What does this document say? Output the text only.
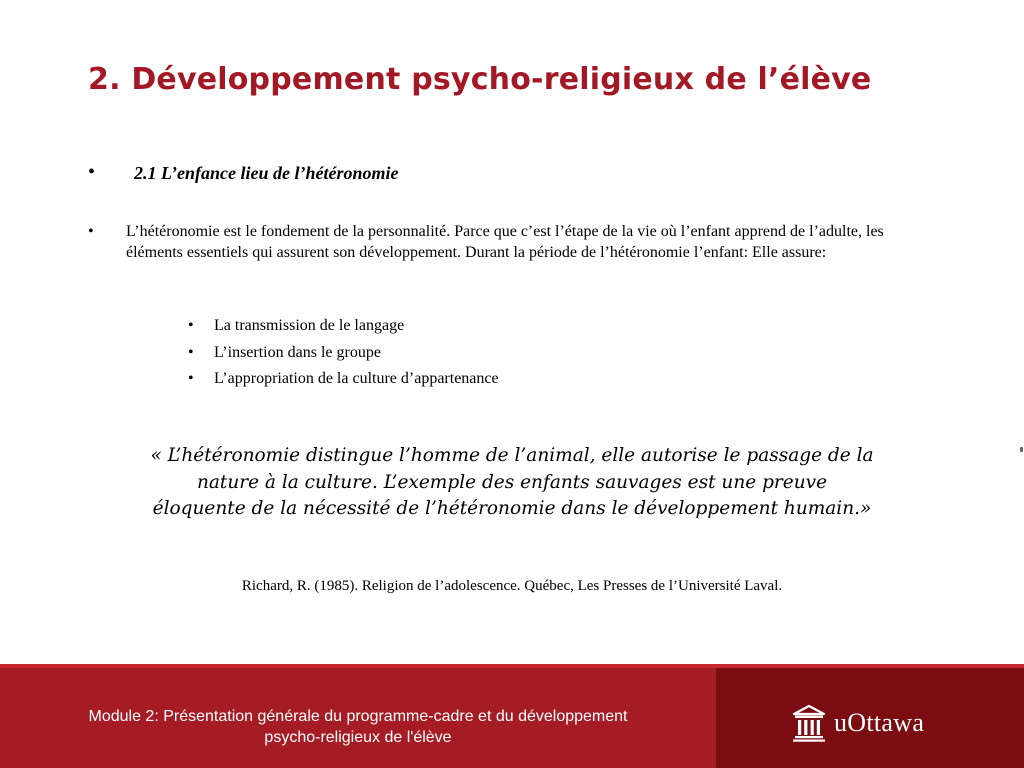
2. Développement psycho-religieux de l’élève
• 2.1 L’enfance lieu de l’hétéronomie
• L’hétéronomie est le fondement de la personnalité. Parce que c’est l’étape de la vie où l’enfant apprend de l’adulte, les éléments essentiels qui assurent son développement. Durant la période de l’hétéronomie l’enfant: Elle assure:
• La transmission de le langage
• L’insertion dans le groupe
• L’appropriation de la culture d’appartenance
« L’hétéronomie distingue l’homme de l’animal, elle autorise le passage de la nature à la culture. L’exemple des enfants sauvages est une preuve éloquente de la nécessité de l’hétéronomie dans le développement humain.»
Richard, R. (1985). Religion de l’adolescence. Québec, Les Presses de l’Université Laval.
Module 2: Présentation générale du programme-cadre et du développement psycho-religieux de l'élève
uOttawa
